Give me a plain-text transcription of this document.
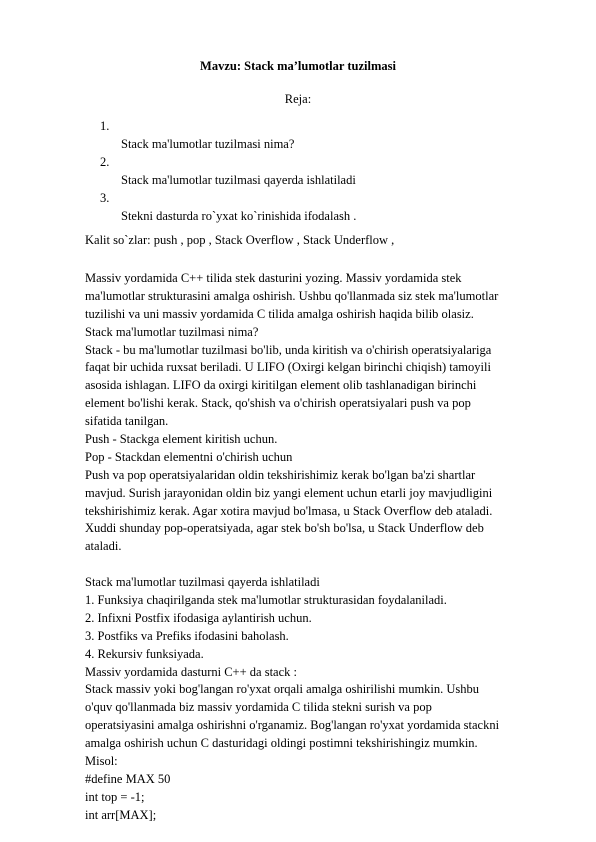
Mavzu: Stack ma’lumotlar tuzilmasi

Reja:

1.
Stack ma'lumotlar tuzilmasi nima?
2.
Stack ma'lumotlar tuzilmasi qayerda ishlatiladi
3.
Stekni dasturda ro`yxat ko`rinishida ifodalash .

Kalit so`zlar: push , pop , Stack Overflow , Stack Underflow ,

Massiv yordamida C++ tilida stek dasturini yozing. Massiv yordamida stek
ma'lumotlar strukturasini amalga oshirish. Ushbu qo'llanmada siz stek ma'lumotlar
tuzilishi va uni massiv yordamida C tilida amalga oshirish haqida bilib olasiz.
Stack ma'lumotlar tuzilmasi nima?
Stack - bu ma'lumotlar tuzilmasi bo'lib, unda kiritish va o'chirish operatsiyalariga
faqat bir uchida ruxsat beriladi. U LIFO (Oxirgi kelgan birinchi chiqish) tamoyili
asosida ishlagan. LIFO da oxirgi kiritilgan element olib tashlanadigan birinchi
element bo'lishi kerak. Stack, qo'shish va o'chirish operatsiyalari push va pop
sifatida tanilgan.
Push - Stackga element kiritish uchun.
Pop - Stackdan elementni o'chirish uchun
Push va pop operatsiyalaridan oldin tekshirishimiz kerak bo'lgan ba'zi shartlar
mavjud. Surish jarayonidan oldin biz yangi element uchun etarli joy mavjudligini
tekshirishimiz kerak. Agar xotira mavjud bo'lmasa, u Stack Overflow deb ataladi.
Xuddi shunday pop-operatsiyada, agar stek bo'sh bo'lsa, u Stack Underflow deb
ataladi.
Stack ma'lumotlar tuzilmasi qayerda ishlatiladi
1. Funksiya chaqirilganda stek ma'lumotlar strukturasidan foydalaniladi.
2. Infixni Postfix ifodasiga aylantirish uchun.
3. Postfiks va Prefiks ifodasini baholash.
4. Rekursiv funksiyada.
Massiv yordamida dasturni C++ da stack :
Stack massiv yoki bog'langan ro'yxat orqali amalga oshirilishi mumkin. Ushbu
o'quv qo'llanmada biz massiv yordamida C tilida stekni surish va pop
operatsiyasini amalga oshirishni o'rganamiz. Bog'langan ro'yxat yordamida stackni
amalga oshirish uchun C dasturidagi oldingi postimni tekshirishingiz mumkin.
Misol:
#define MAX 50
int top = -1;
int arr[MAX];
